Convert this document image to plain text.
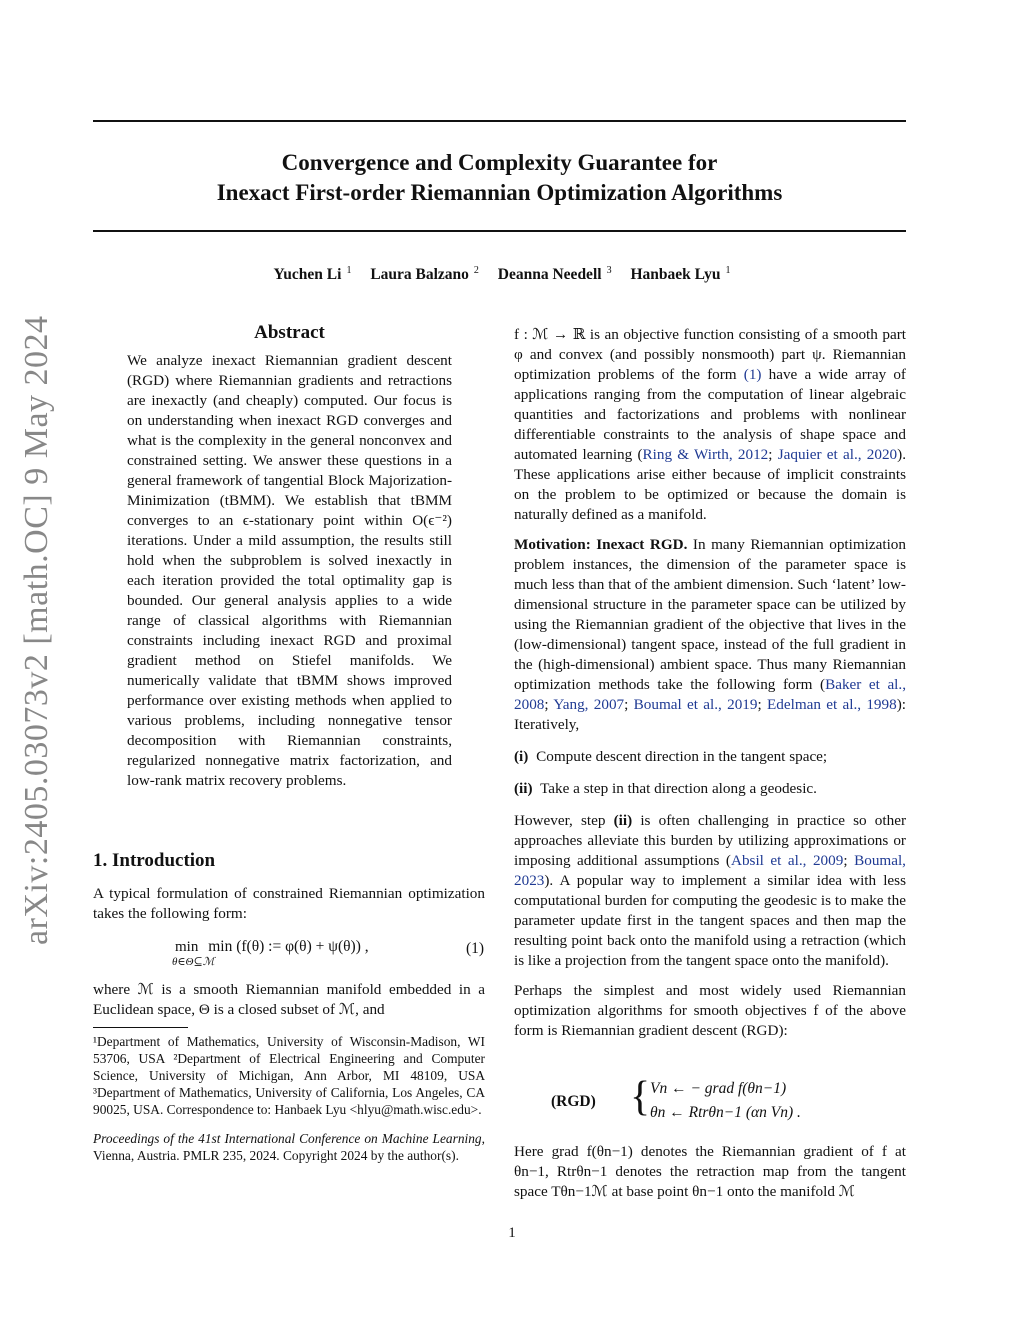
arXiv:2405.03073v2 [math.OC] 9 May 2024
Convergence and Complexity Guarantee for
Inexact First-order Riemannian Optimization Algorithms
Yuchen Li $^1$ Laura Balzano $^2$ Deanna Needell $^3$ Hanbaek Lyu $^1$
Abstract

We analyze inexact Riemannian gradient descent (RGD) where Riemannian gradients and retractions are inexactly (and cheaply) computed. Our focus is on understanding when inexact RGD converges and what is the complexity in the general nonconvex and constrained setting. We answer these questions in a general framework of tangential Block Majorization-Minimization (tBMM). We establish that tBMM converges to an ϵ-stationary point within O(ϵ⁻²) iterations. Under a mild assumption, the results still hold when the subproblem is solved inexactly in each iteration provided the total optimality gap is bounded. Our general analysis applies to a wide range of classical algorithms with Riemannian constraints including inexact RGD and proximal gradient method on Stiefel manifolds. We numerically validate that tBMM shows improved performance over existing methods when applied to various problems, including nonnegative tensor decomposition with Riemannian constraints, regularized nonnegative matrix factorization, and low-rank matrix recovery problems.

1. Introduction

A typical formulation of constrained Riemannian optimization takes the following form:

min min (f(θ) := φ(θ) + ψ(θ)) ,
θ∈Θ⊆ℳ
(1)

where ℳ is a smooth Riemannian manifold embedded in a Euclidean space, Θ is a closed subset of ℳ, and

¹Department of Mathematics, University of Wisconsin-Madison, WI 53706, USA ²Department of Electrical Engineering and Computer Science, University of Michigan, Ann Arbor, MI 48109, USA ³Department of Mathematics, University of California, Los Angeles, CA 90025, USA. Correspondence to: Hanbaek Lyu <hlyu@math.wisc.edu>.

Proceedings of the 41st International Conference on Machine Learning, Vienna, Austria. PMLR 235, 2024. Copyright 2024 by the author(s).

f : ℳ → ℝ is an objective function consisting of a smooth part φ and convex (and possibly nonsmooth) part ψ. Riemannian optimization problems of the form (1) have a wide array of applications ranging from the computation of linear algebraic quantities and factorizations and problems with nonlinear differentiable constraints to the analysis of shape space and automated learning (Ring & Wirth, 2012; Jaquier et al., 2020). These applications arise either because of implicit constraints on the problem to be optimized or because the domain is naturally defined as a manifold.

Motivation: Inexact RGD. In many Riemannian optimization problem instances, the dimension of the parameter space is much less than that of the ambient dimension. Such ‘latent’ low-dimensional structure in the parameter space can be utilized by using the Riemannian gradient of the objective that lives in the (low-dimensional) tangent space, instead of the full gradient in the (high-dimensional) ambient space. Thus many Riemannian optimization methods take the following form (Baker et al., 2008; Yang, 2007; Boumal et al., 2019; Edelman et al., 1998): Iteratively,

(i) Compute descent direction in the tangent space;

(ii) Take a step in that direction along a geodesic.

However, step (ii) is often challenging in practice so other approaches alleviate this burden by utilizing approximations or imposing additional assumptions (Absil et al., 2009; Boumal, 2023). A popular way to implement a similar idea with less computational burden for computing the geodesic is to make the parameter update first in the tangent spaces and then map the resulting point back onto the manifold using a retraction (which is like a projection from the tangent space onto the manifold).

Perhaps the simplest and most widely used Riemannian optimization algorithms for smooth objectives f of the above form is Riemannian gradient descent (RGD):

(RGD) { Vn ← − grad f(θn−1)
θn ← Rtrθn−1 (αn Vn) .

Here grad f(θn−1) denotes the Riemannian gradient of f at θn−1, Rtrθn−1 denotes the retraction map from the tangent space Tθn−1ℳ at base point θn−1 onto the manifold ℳ

1
